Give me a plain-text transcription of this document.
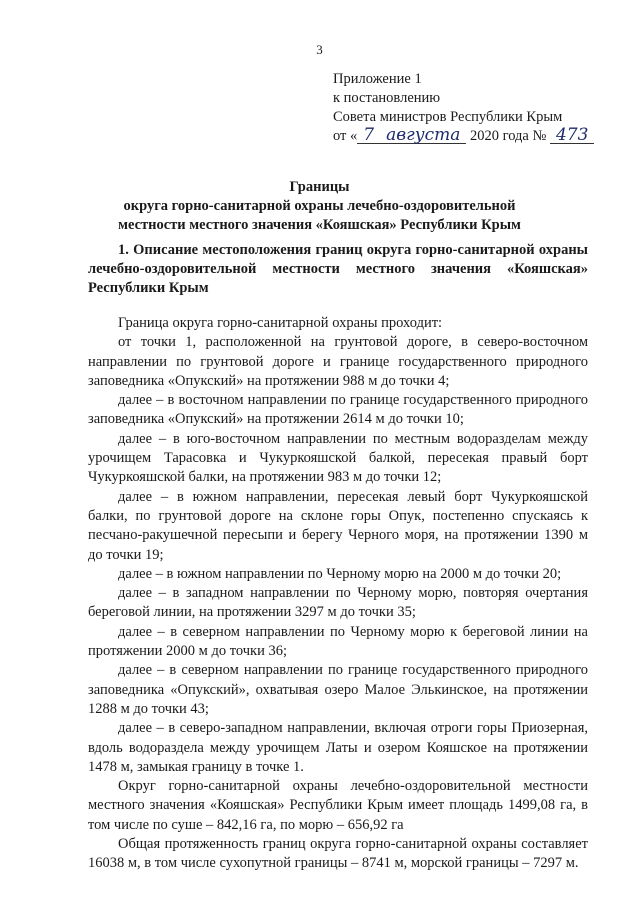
3
Приложение 1
к постановлению
Совета министров Республики Крым
от « 7 августа 2020 года № 473
Границы
округа горно-санитарной охраны лечебно-оздоровительной
местности местного значения «Кояшская» Республики Крым
1. Описание местоположения границ округа горно-санитарной охраны лечебно-оздоровительной местности местного значения «Кояшская» Республики Крым

Граница округа горно-санитарной охраны проходит:

от точки 1, расположенной на грунтовой дороге, в северо-восточном направлении по грунтовой дороге и границе государственного природного заповедника «Опукский» на протяжении 988 м до точки 4;

далее – в восточном направлении по границе государственного природного заповедника «Опукский» на протяжении 2614 м до точки 10;

далее – в юго-восточном направлении по местным водоразделам между урочищем Тарасовка и Чукуркояшской балкой, пересекая правый борт Чукуркояшской балки, на протяжении 983 м до точки 12;

далее – в южном направлении, пересекая левый борт Чукуркояшской балки, по грунтовой дороге на склоне горы Опук, постепенно спускаясь к песчано-ракушечной пересыпи и берегу Черного моря, на протяжении 1390 м до точки 19;

далее – в южном направлении по Черному морю на 2000 м до точки 20;

далее – в западном направлении по Черному морю, повторяя очертания береговой линии, на протяжении 3297 м до точки 35;

далее – в северном направлении по Черному морю к береговой линии на протяжении 2000 м до точки 36;

далее – в северном направлении по границе государственного природного заповедника «Опукский», охватывая озеро Малое Элькинское, на протяжении 1288 м до точки 43;

далее – в северо-западном направлении, включая отроги горы Приозерная, вдоль водораздела между урочищем Латы и озером Кояшское на протяжении 1478 м, замыкая границу в точке 1.

Округ горно-санитарной охраны лечебно-оздоровительной местности местного значения «Кояшская» Республики Крым имеет площадь 1499,08 га, в том числе по суше – 842,16 га, по морю – 656,92 га

Общая протяженность границ округа горно-санитарной охраны составляет 16038 м, в том числе сухопутной границы – 8741 м, морской границы – 7297 м.
